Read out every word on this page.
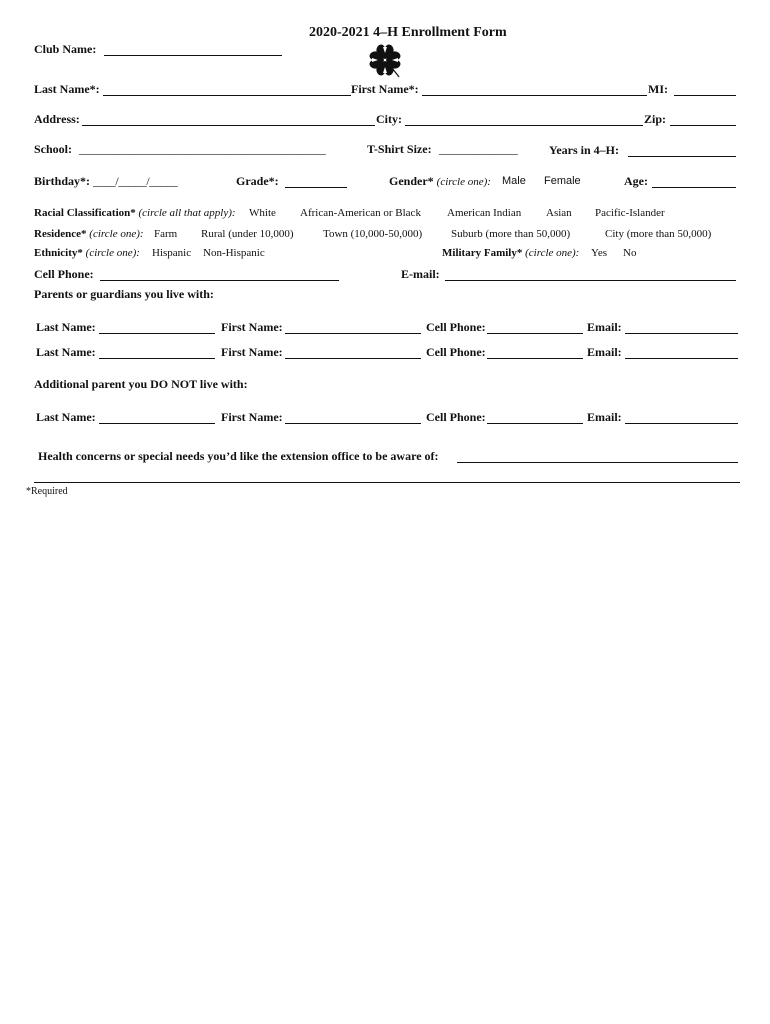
2020-2021 4–H Enrollment Form
Club Name:
Last Name*:	First Name*:	MI:
Address:	City:	Zip:
School: ____________________________________________	T-Shirt Size: ______________	Years in 4–H:
Birthday*: ____/_____/_____	Grade*:	Gender* (circle one): Male Female	Age:
Racial Classification* (circle all that apply): White African-American or Black American Indian Asian Pacific-Islander
Residence* (circle one): Farm Rural (under 10,000)	Town (10,000-50,000)	Suburb (more than 50,000)	City (more than 50,000)
Ethnicity* (circle one): Hispanic Non-Hispanic	Military Family* (circle one): Yes No
Cell Phone:	E-mail:
Parents or guardians you live with:
Last Name:	First Name:	Cell Phone:	Email:
Last Name:	First Name:	Cell Phone:	Email:
Additional parent you DO NOT live with:
Last Name:	First Name:	Cell Phone:	Email:
Health concerns or special needs you’d like the extension office to be aware of:
*Required
